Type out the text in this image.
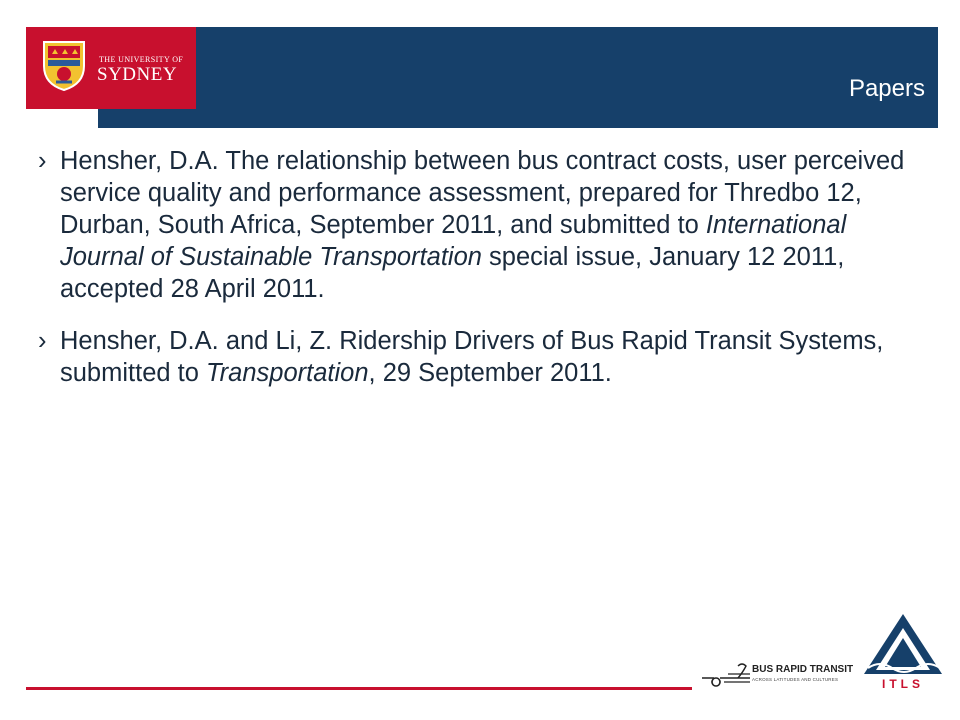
THE UNIVERSITY OF
SYDNEY
Papers

› Hensher, D.A. The relationship between bus contract costs, user perceived service quality and performance assessment, prepared for Thredbo 12, Durban, South Africa, September 2011, and submitted to International Journal of Sustainable Transportation special issue, January 12 2011, accepted 28 April 2011.

› Hensher, D.A. and Li, Z. Ridership Drivers of Bus Rapid Transit Systems, submitted to Transportation, 29 September 2011.

BUS RAPID TRANSIT
ACROSS LATITUDES AND CULTURES	ITLS
